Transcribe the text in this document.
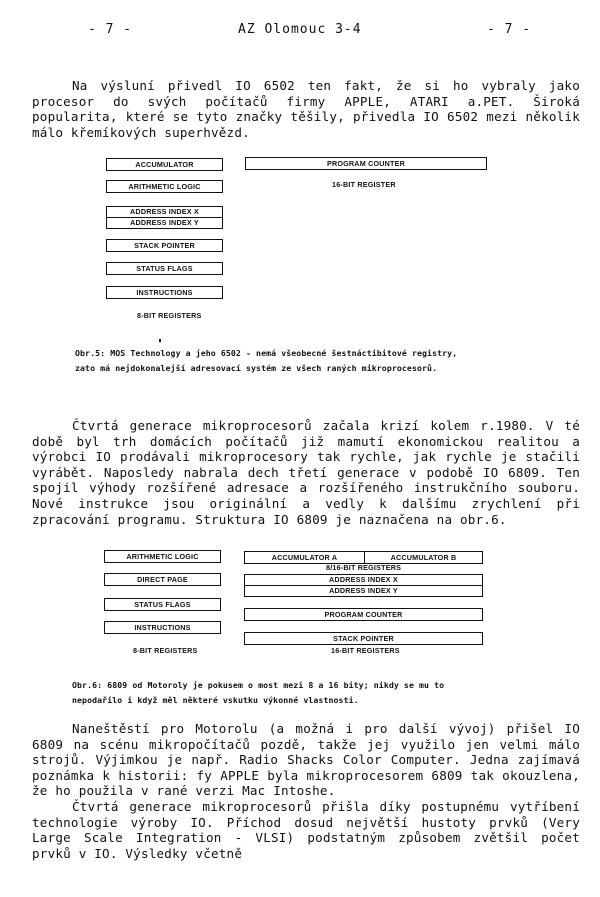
- 7 -	AZ Olomouc 3-4	- 7 -

Na výsluní přivedl IO 6502 ten fakt, že si ho vybraly jako procesor do svých počítačů firmy APPLE, ATARI a.PET. Široká popularita, které se tyto značky těšily, přivedla IO 6502 mezi několik málo křemíkových superhvězd.

ACCUMULATOR
ARITHMETIC LOGIC
ADDRESS INDEX X
ADDRESS INDEX Y
STACK POINTER
STATUS FLAGS
INSTRUCTIONS
8-BIT REGISTERS
PROGRAM COUNTER
16-BIT REGISTER
Obr.5: MOS Technology a jeho 6502 - nemá všeobecné šestnáctibitové registry,
zato má nejdokonalejší adresovací systém ze všech raných mikroprocesorů.

Čtvrtá generace mikroprocesorů začala krizí kolem r.1980. V té době byl trh domácích počítačů již mamutí ekonomickou realitou a výrobci IO prodávali mikroprocesory tak rychle, jak rychle je stačili vyrábět. Naposledy nabrala dech třetí generace v podobě IO 6809. Ten spojil výhody rozšířené adresace a rozšířeného instrukčního souboru. Nové instrukce jsou originální a vedly k dalšímu zrychlení při zpracování programu. Struktura IO 6809 je naznačena na obr.6.

ARITHMETIC LOGIC
DIRECT PAGE
STATUS FLAGS
INSTRUCTIONS
8-BIT REGISTERS
ACCUMULATOR A	ACCUMULATOR B
8/16-BIT REGISTERS
ADDRESS INDEX X
ADDRESS INDEX Y
PROGRAM COUNTER
STACK POINTER
16-BIT REGISTERS
Obr.6: 6809 od Motoroly je pokusem o most mezi 8 a 16 bity; nikdy se mu to
nepodařilo i když měl některé vskutku výkonné vlastnosti.

Naneštěstí pro Motorolu (a možná i pro další vývoj) přišel IO 6809 na scénu mikropočítačů pozdě, takže jej využilo jen velmi málo strojů. Výjimkou je např. Radio Shacks Color Computer. Jedna zajímavá poznámka k historii: fy APPLE byla mikroprocesorem 6809 tak okouzlena, že ho použila v rané verzi Mac Intoshe.

Čtvrtá generace mikroprocesorů přišla díky postupnému vytříbení technologie výroby IO. Příchod dosud největší hustoty prvků (Very Large Scale Integration - VLSI) podstatným způsobem zvětšil počet prvků v IO. Výsledky včetně
